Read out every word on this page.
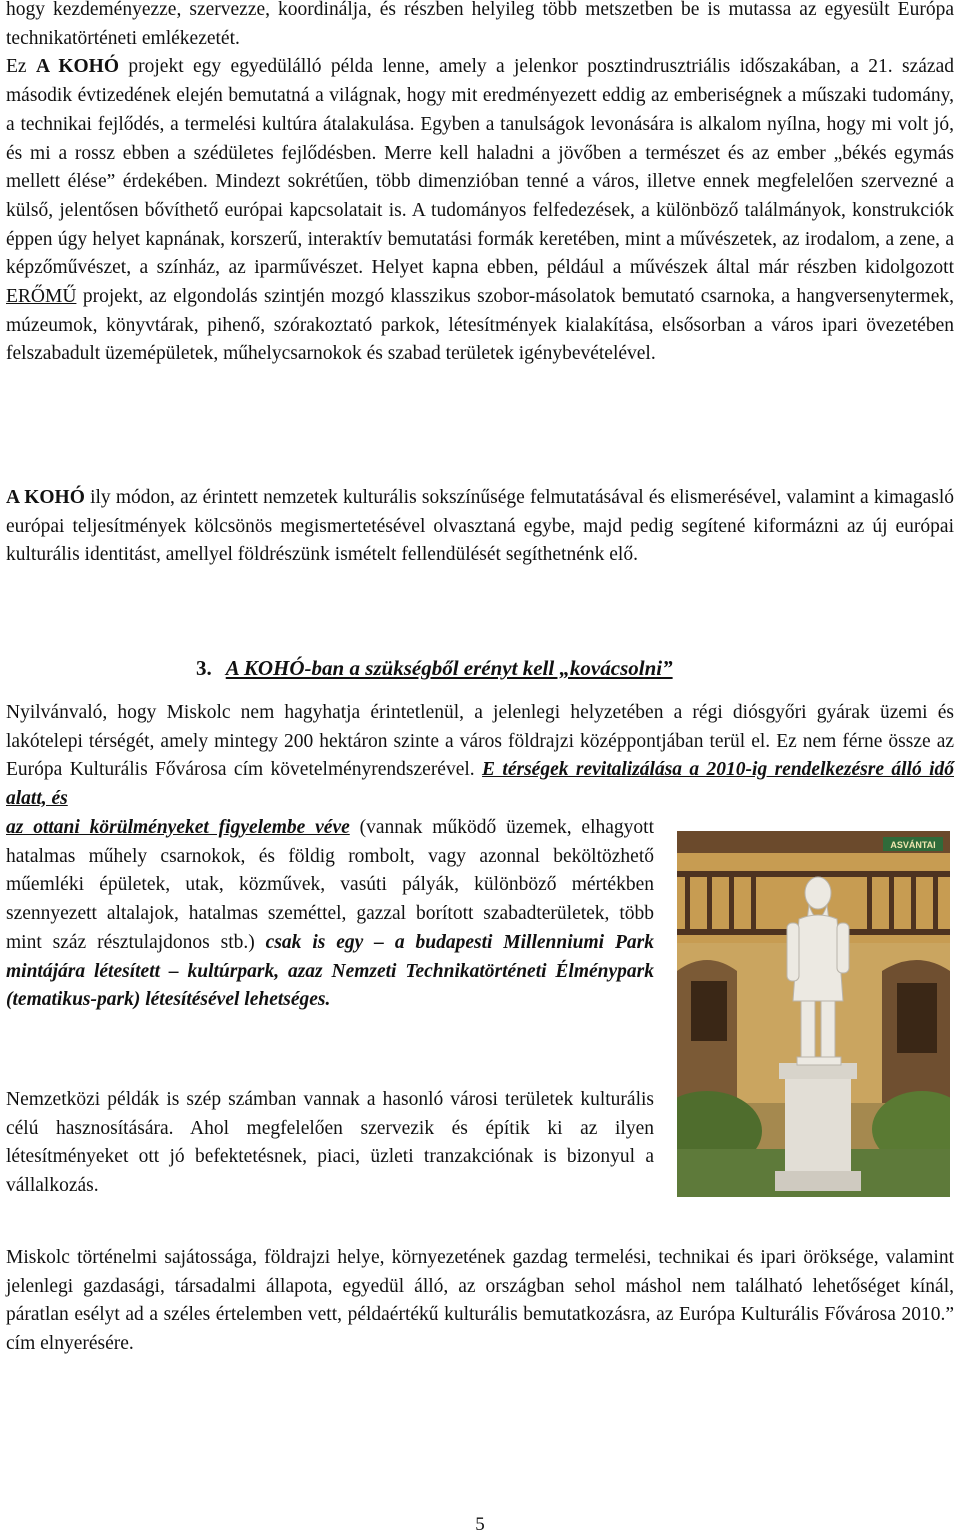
hogy kezdeményezze, szervezze, koordinálja, és részben helyileg több metszetben be is mutassa az egyesült Európa technikatörténeti emlékezetét.
Ez A KOHÓ projekt egy egyedülálló példa lenne, amely a jelenkor posztindrusztriális időszakában, a 21. század második évtizedének elején bemutatná a világnak, hogy mit eredményezett eddig az emberiségnek a műszaki tudomány, a technikai fejlődés, a termelési kultúra átalakulása. Egyben a tanulságok levonására is alkalom nyílna, hogy mi volt jó, és mi a rossz ebben a szédületes fejlődésben. Merre kell haladni a jövőben a természet és az ember „békés egymás mellett élése” érdekében. Mindezt sokrétűen, több dimenzióban tenné a város, illetve ennek megfelelően szervezné a külső, jelentősen bővíthető európai kapcsolatait is. A tudományos felfedezések, a különböző találmányok, konstrukciók éppen úgy helyet kapnának, korszerű, interaktív bemutatási formák keretében, mint a művészetek, az irodalom, a zene, a képzőművészet, a színház, az iparművészet. Helyet kapna ebben, például a művészek által már részben kidolgozott ERŐMŰ projekt, az elgondolás szintjén mozgó klasszikus szobor-másolatok bemutató csarnoka, a hangversenytermek, múzeumok, könyvtárak, pihenő, szórakoztató parkok, létesítmények kialakítása, elsősorban a város ipari övezetében felszabadult üzemépületek, műhelycsarnokok és szabad területek igénybevételével.

A KOHÓ ily módon, az érintett nemzetek kulturális sokszínűsége felmutatásával és elismerésével, valamint a kimagasló európai teljesítmények kölcsönös megismertetésével olvasztaná egybe, majd pedig segítené kiformázni az új európai kulturális identitást, amellyel földrészünk ismételt fellendülését segíthetnénk elő.

3. A KOHÓ-ban a szükségből erényt kell „kovácsolni”

Nyilvánvaló, hogy Miskolc nem hagyhatja érintetlenül, a jelenlegi helyzetében a régi diósgyőri gyárak üzemi és lakótelepi térségét, amely mintegy 200 hektáron szinte a város földrajzi középpontjában terül el. Ez nem férne össze az Európa Kulturális Fővárosa cím követelményrendszerével. E térségek revitalizálása a 2010-ig rendelkezésre álló idő alatt, és

az ottani körülményeket figyelembe véve (vannak működő üzemek, elhagyott hatalmas műhely csarnokok, és földig rombolt, vagy azonnal beköltözhető műemléki épületek, utak, közművek, vasúti pályák, különböző mértékben szennyezett altalajok, hatalmas szeméttel, gazzal borított szabadterületek, több mint száz résztulajdonos stb.) csak is egy – a budapesti Millenniumi Park mintájára létesített – kultúrpark, azaz Nemzeti Technikatörténeti Élménypark (tematikus-park) létesítésével lehetséges.

Nemzetközi példák is szép számban vannak a hasonló városi területek kulturális célú hasznosítására. Ahol megfelelően szervezik és építik ki az ilyen létesítményeket ott jó befektetésnek, piaci, üzleti tranzakciónak is bizonyul a vállalkozás.

Miskolc történelmi sajátossága, földrajzi helye, környezetének gazdag termelési, technikai és ipari öröksége, valamint jelenlegi gazdasági, társadalmi állapota, egyedül álló, az országban sehol máshol nem található lehetőséget kínál, páratlan esélyt ad a széles értelemben vett, példaértékű kulturális bemutatkozásra, az Európa Kulturális Fővárosa 2010.” cím elnyerésére.

ASVÁNTAI
5
